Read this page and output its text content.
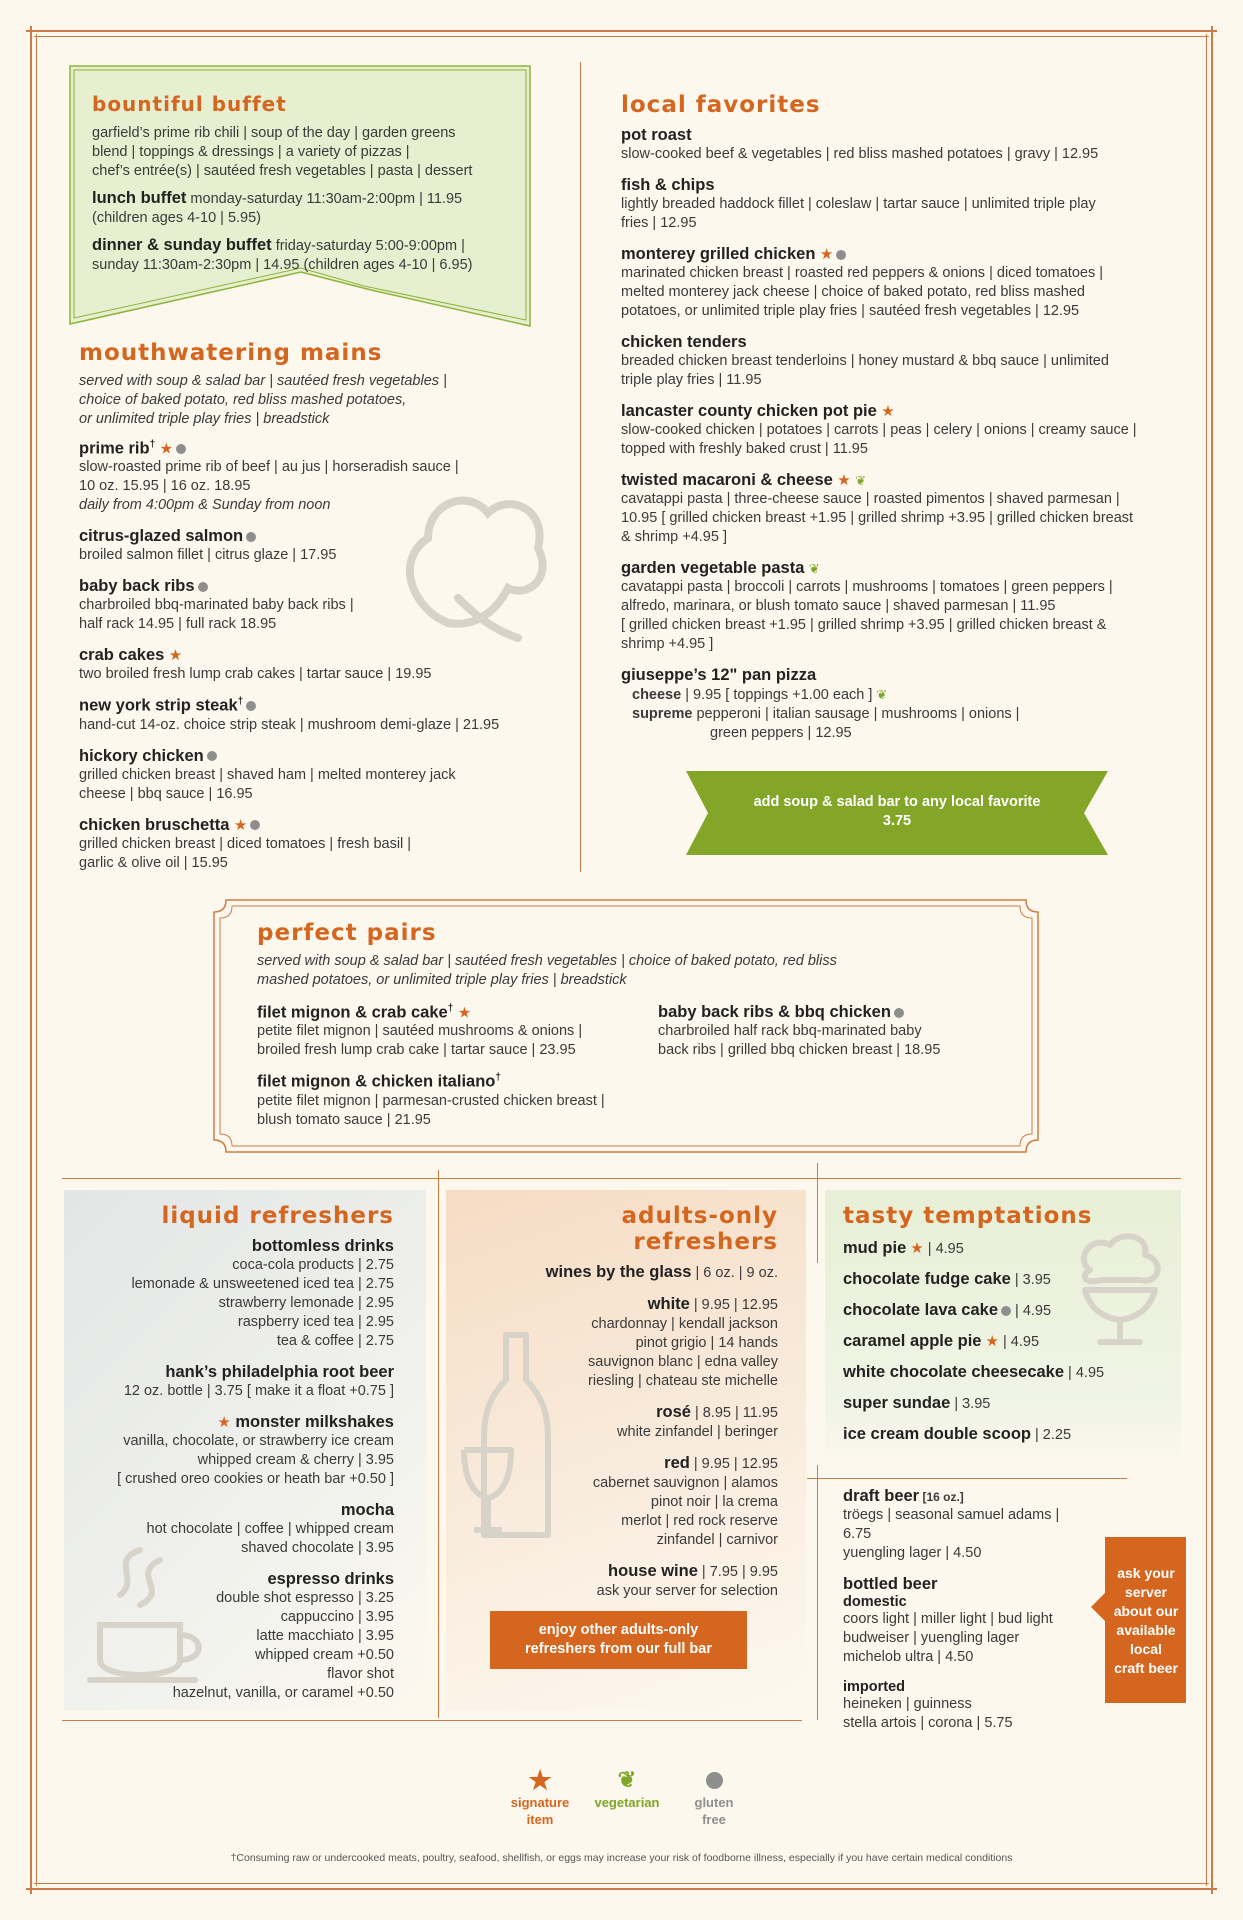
bountiful buffet
garfield’s prime rib chili | soup of the day | garden greens
blend | toppings & dressings | a variety of pizzas |
chef’s entrée(s) | sautéed fresh vegetables | pasta | dessert
lunch buffet monday-saturday 11:30am-2:00pm | 11.95
(children ages 4-10 | 5.95)
dinner & sunday buffet friday-saturday 5:00-9:00pm |
sunday 11:30am-2:30pm | 14.95 (children ages 4-10 | 6.95)
mouthwatering mains
served with soup & salad bar | sautéed fresh vegetables |
choice of baked potato, red bliss mashed potatoes,
or unlimited triple play fries | breadstick
prime rib† ★
slow-roasted prime rib of beef | au jus | horseradish sauce |
10 oz. 15.95 | 16 oz. 18.95
daily from 4:00pm & Sunday from noon
citrus-glazed salmon
broiled salmon fillet | citrus glaze | 17.95
baby back ribs
charbroiled bbq-marinated baby back ribs |
half rack 14.95 | full rack 18.95
crab cakes ★
two broiled fresh lump crab cakes | tartar sauce | 19.95
new york strip steak†
hand-cut 14-oz. choice strip steak | mushroom demi-glaze | 21.95
hickory chicken
grilled chicken breast | shaved ham | melted monterey jack
cheese | bbq sauce | 16.95
chicken bruschetta ★
grilled chicken breast | diced tomatoes | fresh basil |
garlic & olive oil | 15.95
local favorites
pot roast
slow-cooked beef & vegetables | red bliss mashed potatoes | gravy | 12.95
fish & chips
lightly breaded haddock fillet | coleslaw | tartar sauce | unlimited triple play
fries | 12.95
monterey grilled chicken ★
marinated chicken breast | roasted red peppers & onions | diced tomatoes |
melted monterey jack cheese | choice of baked potato, red bliss mashed
potatoes, or unlimited triple play fries | sautéed fresh vegetables | 12.95
chicken tenders
breaded chicken breast tenderloins | honey mustard & bbq sauce | unlimited
triple play fries | 11.95
lancaster county chicken pot pie ★
slow-cooked chicken | potatoes | carrots | peas | celery | onions | creamy sauce |
topped with freshly baked crust | 11.95
twisted macaroni & cheese ★ ❦
cavatappi pasta | three-cheese sauce | roasted pimentos | shaved parmesan |
10.95 [ grilled chicken breast +1.95 | grilled shrimp +3.95 | grilled chicken breast
& shrimp +4.95 ]
garden vegetable pasta ❦
cavatappi pasta | broccoli | carrots | mushrooms | tomatoes | green peppers |
alfredo, marinara, or blush tomato sauce | shaved parmesan | 11.95
[ grilled chicken breast +1.95 | grilled shrimp +3.95 | grilled chicken breast &
shrimp +4.95 ]
giuseppe’s 12" pan pizza
cheese | 9.95 [ toppings +1.00 each ] ❦
supreme pepperoni | italian sausage | mushrooms | onions |
green peppers | 12.95
add soup & salad bar to any local favorite
3.75
perfect pairs
served with soup & salad bar | sautéed fresh vegetables | choice of baked potato, red bliss
mashed potatoes, or unlimited triple play fries | breadstick
filet mignon & crab cake† ★
petite filet mignon | sautéed mushrooms & onions |
broiled fresh lump crab cake | tartar sauce | 23.95
filet mignon & chicken italiano†
petite filet mignon | parmesan-crusted chicken breast |
blush tomato sauce | 21.95
baby back ribs & bbq chicken
charbroiled half rack bbq-marinated baby
back ribs | grilled bbq chicken breast | 18.95
liquid refreshers
bottomless drinks
coca-cola products | 2.75
lemonade & unsweetened iced tea | 2.75
strawberry lemonade | 2.95
raspberry iced tea | 2.95
tea & coffee | 2.75
hank’s philadelphia root beer
12 oz. bottle | 3.75 [ make it a float +0.75 ]
★ monster milkshakes
vanilla, chocolate, or strawberry ice cream
whipped cream & cherry | 3.95
[ crushed oreo cookies or heath bar +0.50 ]
mocha
hot chocolate | coffee | whipped cream
shaved chocolate | 3.95
espresso drinks
double shot espresso | 3.25
cappuccino | 3.95
latte macchiato | 3.95
whipped cream +0.50
flavor shot
hazelnut, vanilla, or caramel +0.50
adults-only refreshers
wines by the glass | 6 oz. | 9 oz.
white | 9.95 | 12.95
chardonnay | kendall jackson
pinot grigio | 14 hands
sauvignon blanc | edna valley
riesling | chateau ste michelle
rosé | 8.95 | 11.95
white zinfandel | beringer
red | 9.95 | 12.95
cabernet sauvignon | alamos
pinot noir | la crema
merlot | red rock reserve
zinfandel | carnivor
house wine | 7.95 | 9.95
ask your server for selection
enjoy other adults-only
refreshers from our full bar
tasty temptations
mud pie ★ | 4.95
chocolate fudge cake | 3.95
chocolate lava cake | 4.95
caramel apple pie ★ | 4.95
white chocolate cheesecake | 4.95
super sundae | 3.95
ice cream double scoop | 2.25
draft beer [16 oz.]
tröegs | seasonal samuel adams | 6.75
yuengling lager | 4.50
bottled beer
domestic
coors light | miller light | bud light
budweiser | yuengling lager
michelob ultra | 4.50
imported
heineken | guinness
stella artois | corona | 5.75
ask your
server
about our
available
local
craft beer
★
signature
item
❦
vegetarian	gluten
free
†Consuming raw or undercooked meats, poultry, seafood, shellfish, or eggs may increase your risk of foodborne illness, especially if you have certain medical conditions
